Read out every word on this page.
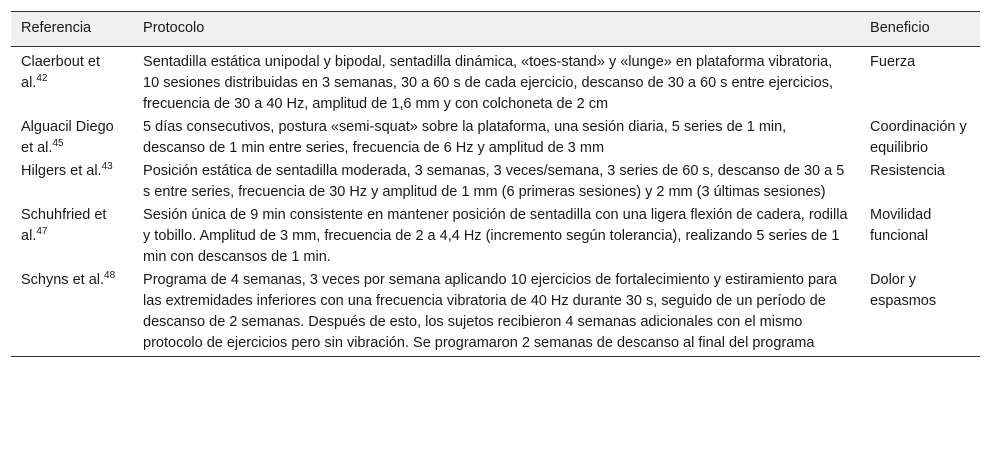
Referencia	Protocolo	Beneficio
Claerbout et al.$^{42}$	Sentadilla estática unipodal y bipodal, sentadilla dinámica, «toes-stand» y «lunge» en plataforma vibratoria, 10 sesiones distribuidas en 3 semanas, 30 a 60 s de cada ejercicio, descanso de 30 a 60 s entre ejercicios, frecuencia de 30 a 40 Hz, amplitud de 1,6 mm y con colchoneta de 2 cm	Fuerza
Alguacil Diego et al.$^{45}$	5 días consecutivos, postura «semi-squat» sobre la plataforma, una sesión diaria, 5 series de 1 min, descanso de 1 min entre series, frecuencia de 6 Hz y amplitud de 3 mm	Coordinación y equilibrio
Hilgers et al.$^{43}$	Posición estática de sentadilla moderada, 3 semanas, 3 veces/semana, 3 series de 60 s, descanso de 30 a 5 s entre series, frecuencia de 30 Hz y amplitud de 1 mm (6 primeras sesiones) y 2 mm (3 últimas sesiones)	Resistencia
Schuhfried et al.$^{47}$	Sesión única de 9 min consistente en mantener posición de sentadilla con una ligera flexión de cadera, rodilla y tobillo. Amplitud de 3 mm, frecuencia de 2 a 4,4 Hz (incremento según tolerancia), realizando 5 series de 1 min con descansos de 1 min.	Movilidad funcional
Schyns et al.$^{48}$	Programa de 4 semanas, 3 veces por semana aplicando 10 ejercicios de fortalecimiento y estiramiento para las extremidades inferiores con una frecuencia vibratoria de 40 Hz durante 30 s, seguido de un período de descanso de 2 semanas. Después de esto, los sujetos recibieron 4 semanas adicionales con el mismo protocolo de ejercicios pero sin vibración. Se programaron 2 semanas de descanso al final del programa	Dolor y espasmos
